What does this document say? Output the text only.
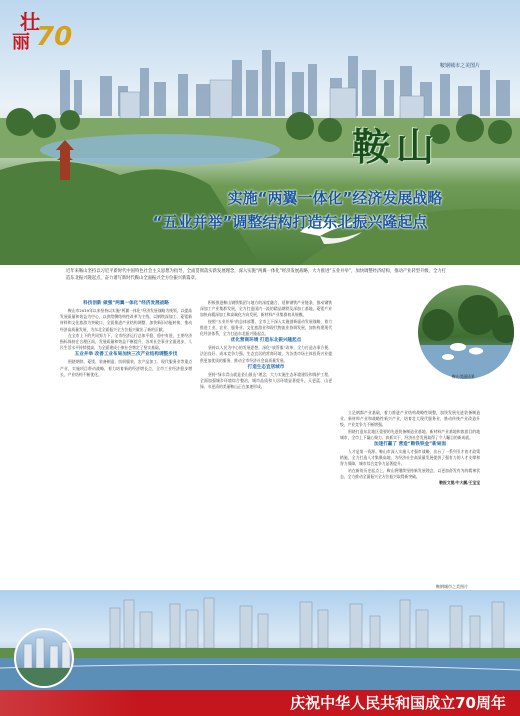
壮
丽 70
鞍钢城市之美图片
鞍山
实施“两翼一体化”经济发展战略
“五业并举”调整结构打造东北振兴隆起点
近年来鞍山坚持以习近平新时代中国特色社会主义思想为指导，全面贯彻落实新发展理念，深入实施“两翼一体化”经济发展战略，大力推进“五业并举”，加快调整经济结构，推动产业转型升级，全力打造东北振兴隆起点，奋力谱写新时代鞍山全面振兴全方位振兴新篇章。
鞍山美丽风景
科技创新 做强“两翼一体化”经济发展战略

鞍山市2019年以来坚持以实施“两翼一体化”经济发展战略为统领，以提高发展质量和效益为中心，以供给侧结构性改革为主线，以钢铁深加工、菱镁新材料和文化旅游为突破口，全面推进产业结构调整，加快新旧动能转换，推动经济高质量发展，为东北全面振兴全方位振兴做出了新的贡献。

在全市上下的共同努力下，全市经济运行总体平稳、稳中有进，主要经济指标保持在合理区间，发展质量和效益不断提升，各项社会事业全面进步，人民生活水平持续提高，为全面建成小康社会奠定了坚实基础。

五业并举 改善工业布局加快三次产业结构调整步伐

围绕钢铁、菱镁、装备制造、纺织服装、农产品加工、现代服务业等重点产业，实施项目带动战略，着力培育新的经济增长点，全市工业经济稳步增长，产业结构不断优化。

积极推进鞍山钢铁集团与地方的深度融合，延伸钢铁产业链条，推动钢铁深加工产业集群发展，全力打造国内一流的精品钢铁及深加工基地。菱镁产业加快向精深加工和高端化方向发展，新材料产业集群初具规模。

按照“五业并举”的总体部署，全市上下深入实施创新驱动发展战略，着力推进工业、农业、服务业、文化旅游业和现代物流业协调发展，加快构建现代化经济体系，全力打造东北振兴隆起点。

优化营商环境 打造东北振兴隆起点

坚持以人民为中心的发展思想，深化“放管服”改革，全力打造办事方便、法治良好、成本竞争力强、生态宜居的营商环境，为各类市场主体投资兴业提供更加优质的服务，推动全市经济社会高质量发展。

打造生态宜居城市

坚持“绿水青山就是金山银山”理念，大力实施生态环境建设和保护工程，全面加强城乡环境综合整治，城市品质和人居环境显著提升，天更蓝、山更绿、水更清的美丽鞍山正在加速形成。

立足钢都产业基础，着力推进产业结构战略性调整，加快发展先进装备制造业、新材料产业和战略性新兴产业，培育壮大现代服务业，推动传统产业改造升级，产业竞争力不断增强。

围绕打造东北地区重要的先进装备制造业基地、新材料产业基地和旅游目的地城市，全市上下凝心聚力、真抓实干，经济社会发展取得了令人瞩目的新成就。

加速打赢了 营造“鞍铁铁金”新局面

人才是第一资源。鞍山市深入实施人才强市战略，出台了一系列引才育才政策措施，全力打造人才集聚高地，为经济社会高质量发展提供了强有力的人才支撑和智力保障，城市综合竞争力显著提升。

站在新的历史起点上，鞍山将继续坚持新发展理念，以更加奋发有为的精神状态，全力推动全面振兴全方位振兴取得新突破。

鞍报文图/牛大鹏/王宝宝

鞍钢城市之美图片
庆祝中华人民共和国成立70周年
